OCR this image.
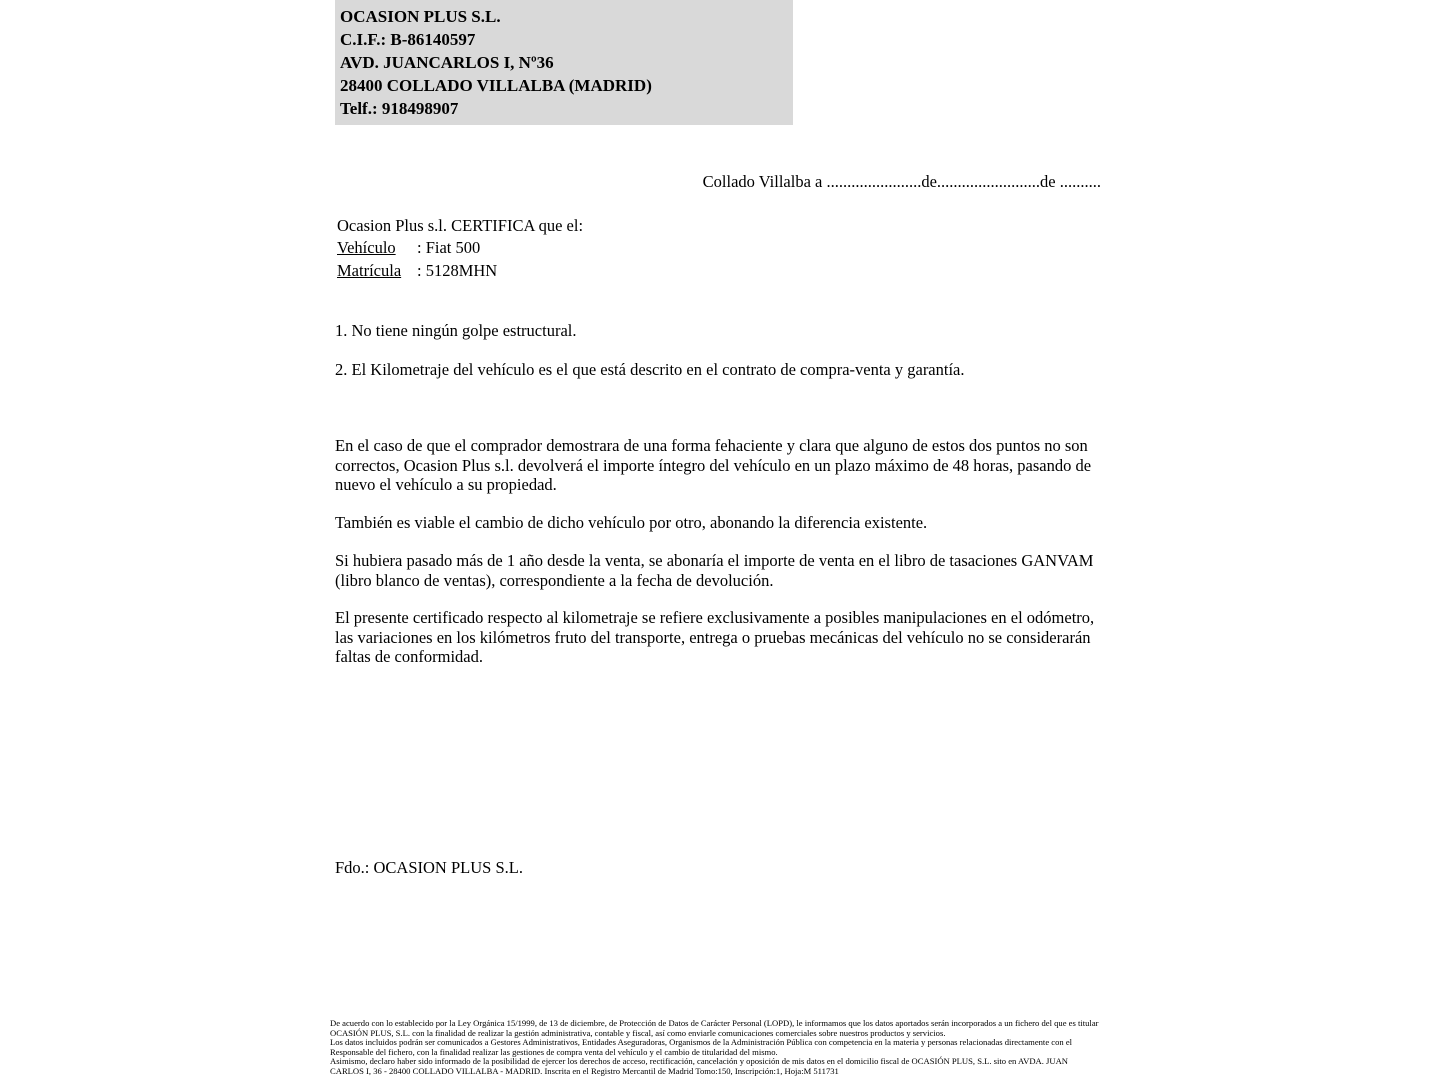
OCASION PLUS S.L.
C.I.F.: B-86140597
AVD. JUANCARLOS I, Nº36
28400 COLLADO VILLALBA (MADRID)
Telf.: 918498907
Collado Villalba a .......................de.........................de ..........
Ocasion Plus s.l. CERTIFICA que el:
Vehículo : Fiat 500
Matrícula : 5128MHN

1. No tiene ningún golpe estructural.

2. El Kilometraje del vehículo es el que está descrito en el contrato de compra-venta y garantía.

En el caso de que el comprador demostrara de una forma fehaciente y clara que alguno de estos dos puntos no son correctos, Ocasion Plus s.l. devolverá el importe íntegro del vehículo en un plazo máximo de 48 horas, pasando de nuevo el vehículo a su propiedad.

También es viable el cambio de dicho vehículo por otro, abonando la diferencia existente.

Si hubiera pasado más de 1 año desde la venta, se abonaría el importe de venta en el libro de tasaciones GANVAM (libro blanco de ventas), correspondiente a la fecha de devolución.

El presente certificado respecto al kilometraje se refiere exclusivamente a posibles manipulaciones en el odómetro, las variaciones en los kilómetros fruto del transporte, entrega o pruebas mecánicas del vehículo no se considerarán faltas de conformidad.

Fdo.: OCASION PLUS S.L.

De acuerdo con lo establecido por la Ley Orgánica 15/1999, de 13 de diciembre, de Protección de Datos de Carácter Personal (LOPD), le informamos que los datos aportados serán incorporados a un fichero del que es titular OCASIÓN PLUS, S.L. con la finalidad de realizar la gestión administrativa, contable y fiscal, así como enviarle comunicaciones comerciales sobre nuestros productos y servicios.

Los datos incluidos podrán ser comunicados a Gestores Administrativos, Entidades Aseguradoras, Organismos de la Administración Pública con competencia en la materia y personas relacionadas directamente con el Responsable del fichero, con la finalidad realizar las gestiones de compra venta del vehículo y el cambio de titularidad del mismo.

Asimismo, declaro haber sido informado de la posibilidad de ejercer los derechos de acceso, rectificación, cancelación y oposición de mis datos en el domicilio fiscal de OCASIÓN PLUS, S.L. sito en AVDA. JUAN CARLOS I, 36 - 28400 COLLADO VILLALBA - MADRID. Inscrita en el Registro Mercantil de Madrid Tomo:150, Inscripción:1, Hoja:M 511731
